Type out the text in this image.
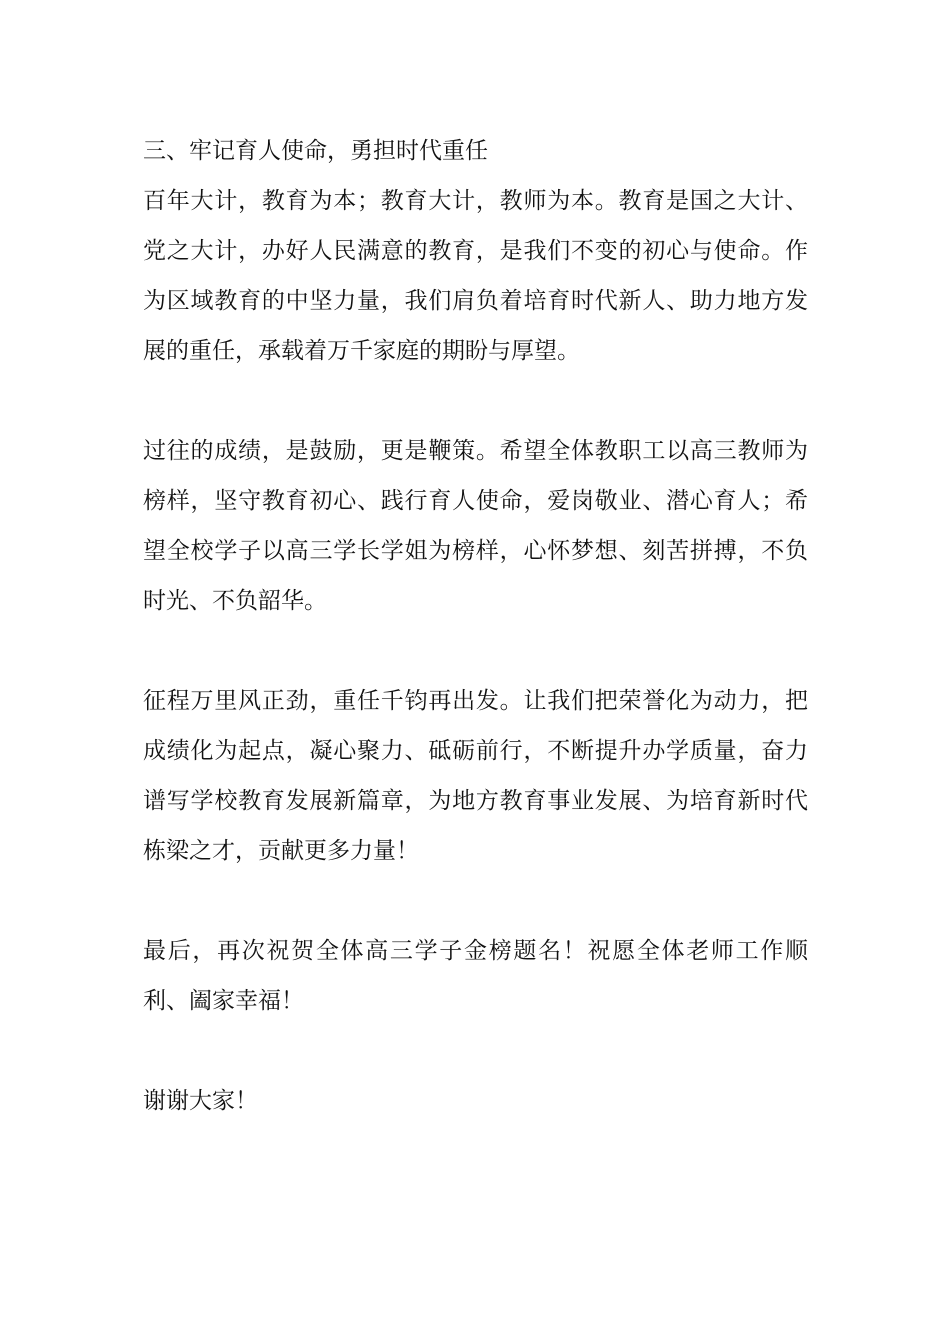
三、牢记育人使命，勇担时代重任

百年大计，教育为本；教育大计，教师为本。教育是国之大计、党之大计，办好人民满意的教育，是我们不变的初心与使命。作为区域教育的中坚力量，我们肩负着培育时代新人、助力地方发展的重任，承载着万千家庭的期盼与厚望。

过往的成绩，是鼓励，更是鞭策。希望全体教职工以高三教师为榜样，坚守教育初心、践行育人使命，爱岗敬业、潜心育人；希望全校学子以高三学长学姐为榜样，心怀梦想、刻苦拼搏，不负时光、不负韶华。

征程万里风正劲，重任千钧再出发。让我们把荣誉化为动力，把成绩化为起点，凝心聚力、砥砺前行，不断提升办学质量，奋力谱写学校教育发展新篇章，为地方教育事业发展、为培育新时代栋梁之才，贡献更多力量！

最后，再次祝贺全体高三学子金榜题名！祝愿全体老师工作顺利、阖家幸福！

谢谢大家！
